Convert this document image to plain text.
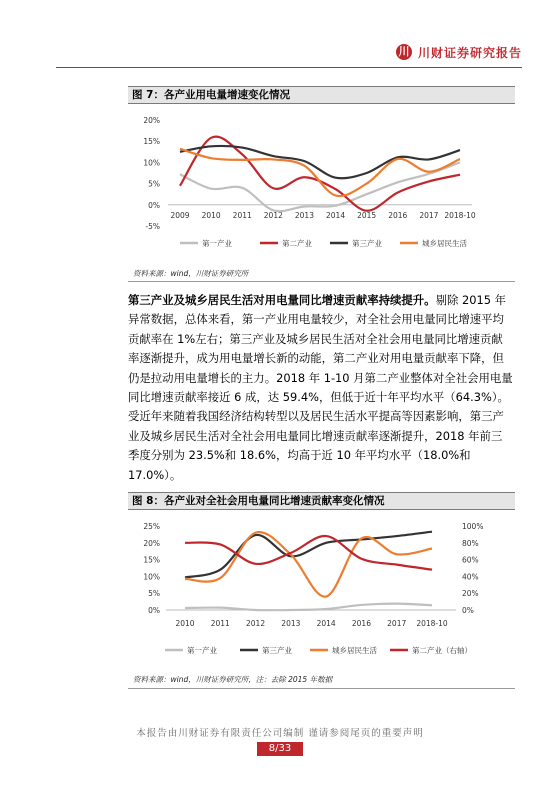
川 川财证券研究报告
图 7：各产业用电量增速变化情况
20%
15%
10%
5%
0%
-5%
2009 2010 2011 2012 2013 2014 2015 2016 2017 2018-10
第一产业	第二产业	第三产业	城乡居民生活
资料来源：wind，川财证券研究所
第三产业及城乡居民生活对用电量同比增速贡献率持续提升。剔除 2015 年异常数据，总体来看，第一产业用电量较少，对全社会用电量同比增速平均贡献率在 1%左右；第三产业及城乡居民生活对全社会用电量同比增速贡献率逐渐提升，成为用电量增长新的动能，第二产业对用电量贡献率下降，但仍是拉动用电量增长的主力。2018 年 1-10 月第二产业整体对全社会用电量同比增速贡献率接近 6 成，达 59.4%，但低于近十年平均水平（64.3%）。受近年来随着我国经济结构转型以及居民生活水平提高等因素影响，第三产业及城乡居民生活对全社会用电量同比增速贡献率逐渐提升，2018 年前三季度分别为 23.5%和 18.6%，均高于近 10 年平均水平（18.0%和 17.0%）。
图 8：各产业对全社会用电量同比增速贡献率变化情况
25%
20%
15%
10%
5%
0%
100%
80%
60%
40%
20%
0%
2010 2011 2012 2013 2014 2016 2017 2018-10
第一产业	第三产业	城乡居民生活	第二产业（右轴）
资料来源：wind，川财证券研究所，注：去除 2015 年数据
本报告由川财证券有限责任公司编制 谨请参阅尾页的重要声明
8/33
